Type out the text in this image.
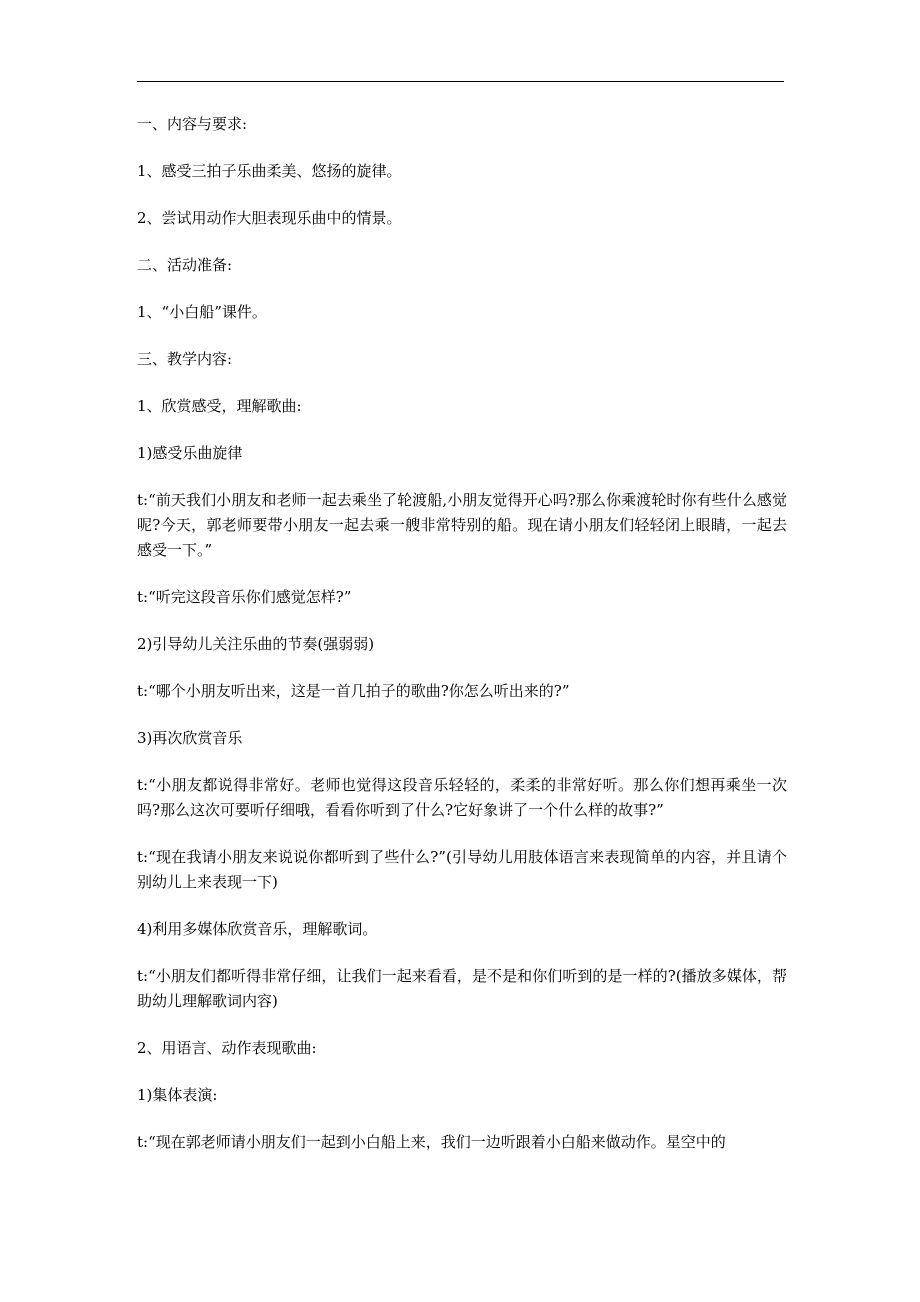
一、内容与要求:

1、感受三拍子乐曲柔美、悠扬的旋律。

2、尝试用动作大胆表现乐曲中的情景。

二、活动准备:

1、“小白船”课件。

三、教学内容:

1、欣赏感受，理解歌曲:

1)感受乐曲旋律

t:“前天我们小朋友和老师一起去乘坐了轮渡船,小朋友觉得开心吗?那么你乘渡轮时你有些什么感觉呢?今天，郭老师要带小朋友一起去乘一艘非常特别的船。现在请小朋友们轻轻闭上眼睛，一起去感受一下。”

t:“听完这段音乐你们感觉怎样?”

2)引导幼儿关注乐曲的节奏(强弱弱)

t:“哪个小朋友听出来，这是一首几拍子的歌曲?你怎么听出来的?”

3)再次欣赏音乐

t:“小朋友都说得非常好。老师也觉得这段音乐轻轻的，柔柔的非常好听。那么你们想再乘坐一次吗?那么这次可要听仔细哦，看看你听到了什么?它好象讲了一个什么样的故事?”

t:“现在我请小朋友来说说你都听到了些什么?”(引导幼儿用肢体语言来表现简单的内容，并且请个别幼儿上来表现一下)

4)利用多媒体欣赏音乐，理解歌词。

t:“小朋友们都听得非常仔细，让我们一起来看看，是不是和你们听到的是一样的?(播放多媒体，帮助幼儿理解歌词内容)

2、用语言、动作表现歌曲:

1)集体表演:

t:“现在郭老师请小朋友们一起到小白船上来，我们一边听跟着小白船来做动作。星空中的
